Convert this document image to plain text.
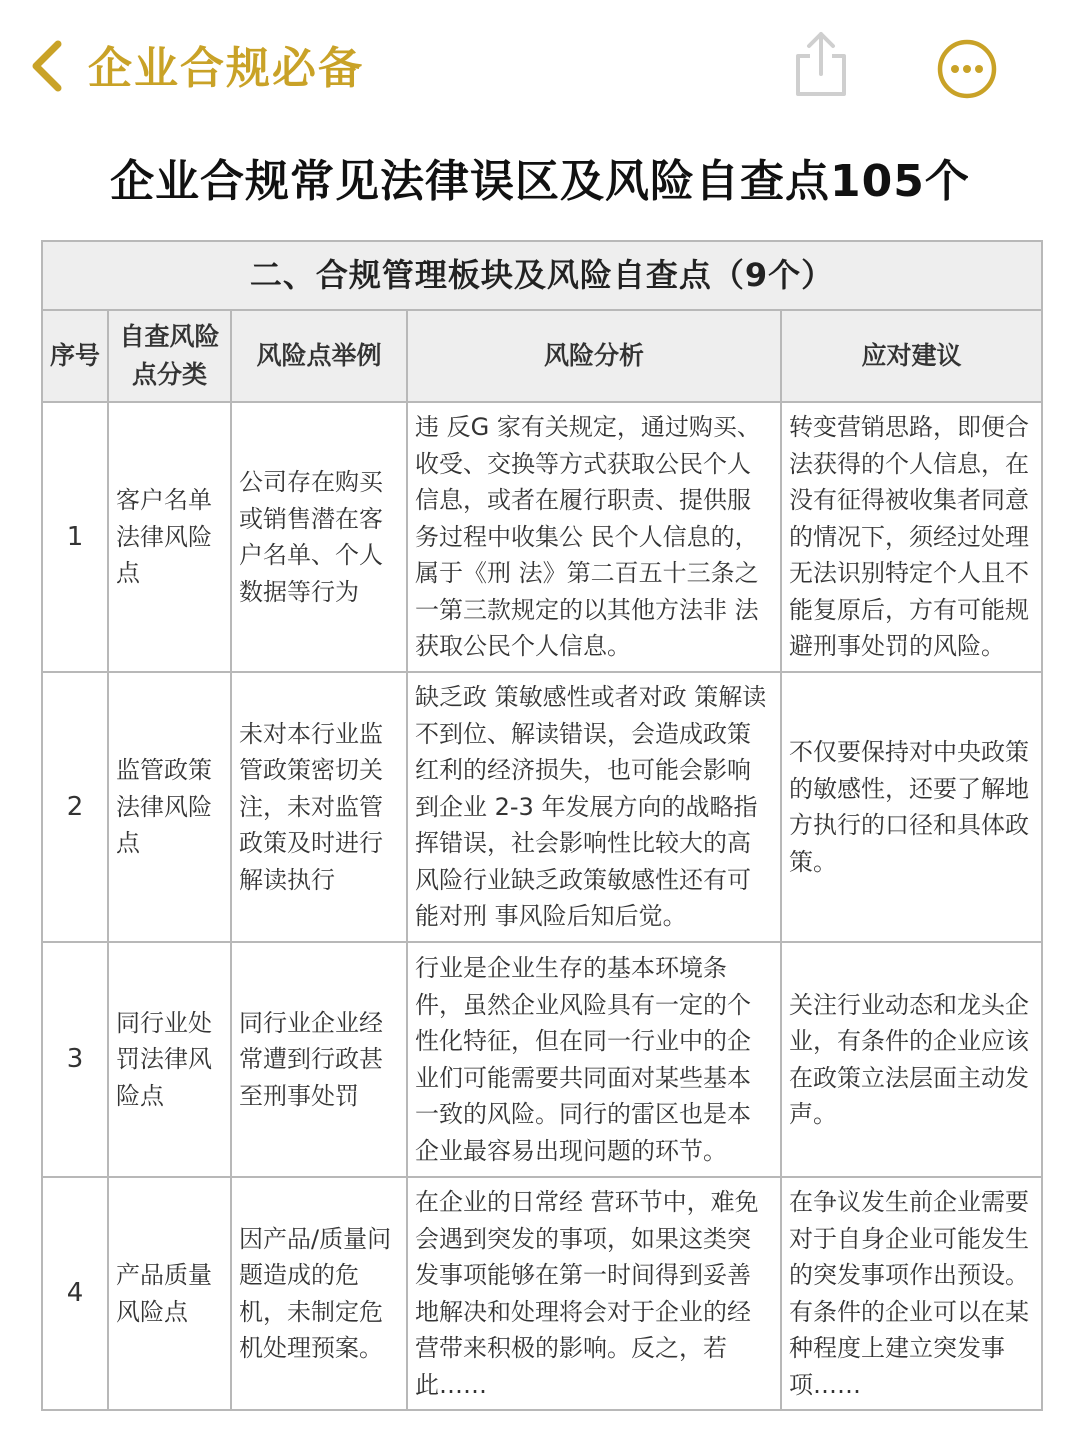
企业合规必备
企业合规常见法律误区及风险自查点105个
二、合规管理板块及风险自查点（9个）				
序号	自查风险点分类	风险点举例	风险分析	应对建议
1	客户名单法律风险点	公司存在购买或销售潜在客户名单、个人数据等行为	违 反G 家有关规定，通过购买、收受、交换等方式获取公民个人信息，或者在履行职责、提供服务过程中收集公 民个人信息的，属于《刑 法》第二百五十三条之一第三款规定的以其他方法非 法获取公民个人信息。	转变营销思路，即便合法获得的个人信息，在没有征得被收集者同意的情况下，须经过处理无法识别特定个人且不能复原后，方有可能规避刑事处罚的风险。
2	监管政策法律风险点	未对本行业监管政策密切关注，未对监管政策及时进行解读执行	缺乏政 策敏感性或者对政 策解读不到位、解读错误，会造成政策红利的经济损失，也可能会影响到企业 2-3 年发展方向的战略指挥错误，社会影响性比较大的高风险行业缺乏政策敏感性还有可能对刑 事风险后知后觉。	不仅要保持对中央政策的敏感性，还要了解地方执行的口径和具体政策。
3	同行业处罚法律风险点	同行业企业经常遭到行政甚至刑事处罚	行业是企业生存的基本环境条件，虽然企业风险具有一定的个性化特征，但在同一行业中的企业们可能需要共同面对某些基本一致的风险。同行的雷区也是本企业最容易出现问题的环节。	关注行业动态和龙头企业，有条件的企业应该在政策立法层面主动发声。
4	产品质量风险点	因产品/质量问题造成的危机，未制定危机处理预案。	在企业的日常经 营环节中，难免会遇到突发的事项，如果这类突发事项能够在第一时间得到妥善地解决和处理将会对于企业的经营带来积极的影响。反之，若此……	在争议发生前企业需要对于自身企业可能发生的突发事项作出预设。有条件的企业可以在某种程度上建立突发事项……
